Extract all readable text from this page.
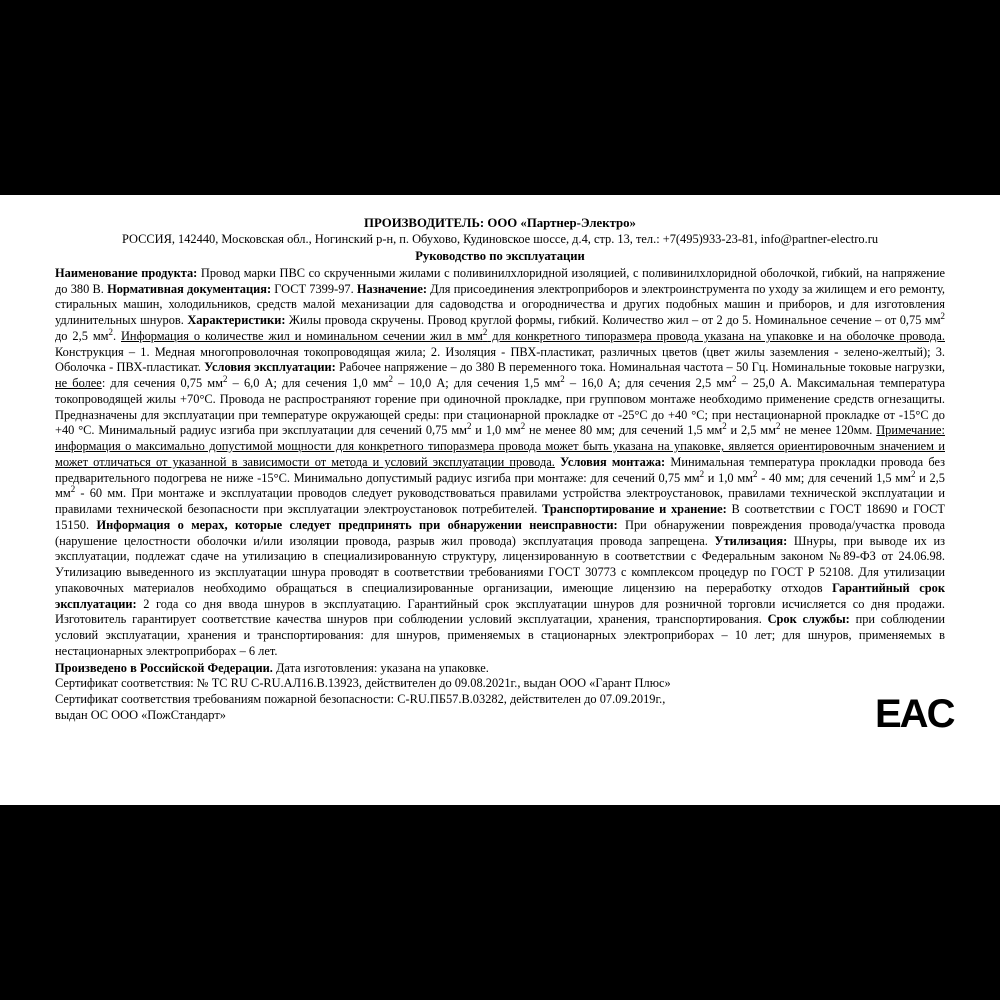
ПРОИЗВОДИТЕЛЬ: ООО «Партнер-Электро»
РОССИЯ, 142440, Московская обл., Ногинский р-н, п. Обухово, Кудиновское шоссе, д.4, стр. 13, тел.: +7(495)933-23-81, info@partner-electro.ru
Руководство по эксплуатации

Наименование продукта: Провод марки ПВС со скрученными жилами с поливинилхлоридной изоляцией, с поливинилхлоридной оболочкой, гибкий, на напряжение до 380 В. Нормативная документация: ГОСТ 7399-97. Назначение: Для присоединения электроприборов и электроинструмента по уходу за жилищем и его ремонту, стиральных машин, холодильников, средств малой механизации для садоводства и огородничества и других подобных машин и приборов, и для изготовления удлинительных шнуров. Характеристики: Жилы провода скручены. Провод круглой формы, гибкий. Количество жил – от 2 до 5. Номинальное сечение – от 0,75 $мм^2$ до 2,5 $мм^2$. Информация о количестве жил и номинальном сечении жил в $мм^2$ для конкретного типоразмера провода указана на упаковке и на оболочке провода. Конструкция – 1. Медная многопроволочная токопроводящая жила; 2. Изоляция - ПВХ-пластикат, различных цветов (цвет жилы заземления - зелено-желтый); 3. Оболочка - ПВХ-пластикат. Условия эксплуатации: Рабочее напряжение – до 380 В переменного тока. Номинальная частота – 50 Гц. Номинальные токовые нагрузки, не более: для сечения 0,75 $мм^2 - 6,0$ А; для сечения 1,0 $мм^2 - 10,0$ А; для сечения 1,5 $мм^2 - 16,0$ А; для сечения 2,5 $мм^2 - 25,0$ А. Максимальная температура токопроводящей жилы +70°С. Провода не распространяют горение при одиночной прокладке, при групповом монтаже необходимо применение средств огнезащиты. Предназначены для эксплуатации при температуре окружающей среды: при стационарной прокладке от -25°С до +40 °С; при нестационарной прокладке от -15°С до +40 °С. Минимальный радиус изгиба при эксплуатации для сечений 0,75 $мм^2$ и 1,0 $мм^2$ не менее 80 мм; для сечений 1,5 $мм^2$ и 2,5 $мм^2$ не менее 120мм. Примечание: информация о максимально допустимой мощности для конкретного типоразмера провода может быть указана на упаковке, является ориентировочным значением и может отличаться от указанной в зависимости от метода и условий эксплуатации провода. Условия монтажа: Минимальная температура прокладки провода без предварительного подогрева не ниже -15°С. Минимально допустимый радиус изгиба при монтаже: для сечений 0,75 $мм^2$ и 1,0 $мм^2 - 40$ мм; для сечений 1,5 $мм^2$ и 2,5 $мм^2 - 60$ мм. При монтаже и эксплуатации проводов следует руководствоваться правилами устройства электроустановок, правилами технической эксплуатации и правилами технической безопасности при эксплуатации электроустановок потребителей. Транспортирование и хранение: В соответствии с ГОСТ 18690 и ГОСТ 15150. Информация о мерах, которые следует предпринять при обнаружении неисправности: При обнаружении повреждения провода/участка провода (нарушение целостности оболочки и/или изоляции провода, разрыв жил провода) эксплуатация провода запрещена. Утилизация: Шнуры, при выводе их из эксплуатации, подлежат сдаче на утилизацию в специализированную структуру, лицензированную в соответствии с Федеральным законом №89-ФЗ от 24.06.98. Утилизацию выведенного из эксплуатации шнура проводят в соответствии требованиями ГОСТ 30773 с комплексом процедур по ГОСТ Р 52108. Для утилизации упаковочных материалов необходимо обращаться в специализированные организации, имеющие лицензию на переработку отходов Гарантийный срок эксплуатации: 2 года со дня ввода шнуров в эксплуатацию. Гарантийный срок эксплуатации шнуров для розничной торговли исчисляется со дня продажи. Изготовитель гарантирует соответствие качества шнуров при соблюдении условий эксплуатации, хранения, транспортирования. Срок службы: при соблюдении условий эксплуатации, хранения и транспортирования: для шнуров, применяемых в стационарных электроприборах – 10 лет; для шнуров, применяемых в нестационарных электроприборах – 6 лет.

Произведено в Российской Федерации. Дата изготовления: указана на упаковке.

Сертификат соответствия: № ТС RU C-RU.АЛ16.В.13923, действителен до 09.08.2021г., выдан ООО «Гарант Плюс»

Сертификат соответствия требованиям пожарной безопасности: C-RU.ПБ57.В.03282, действителен до 07.09.2019г.,

выдан ОС ООО «ПожСтандарт»	EAC
